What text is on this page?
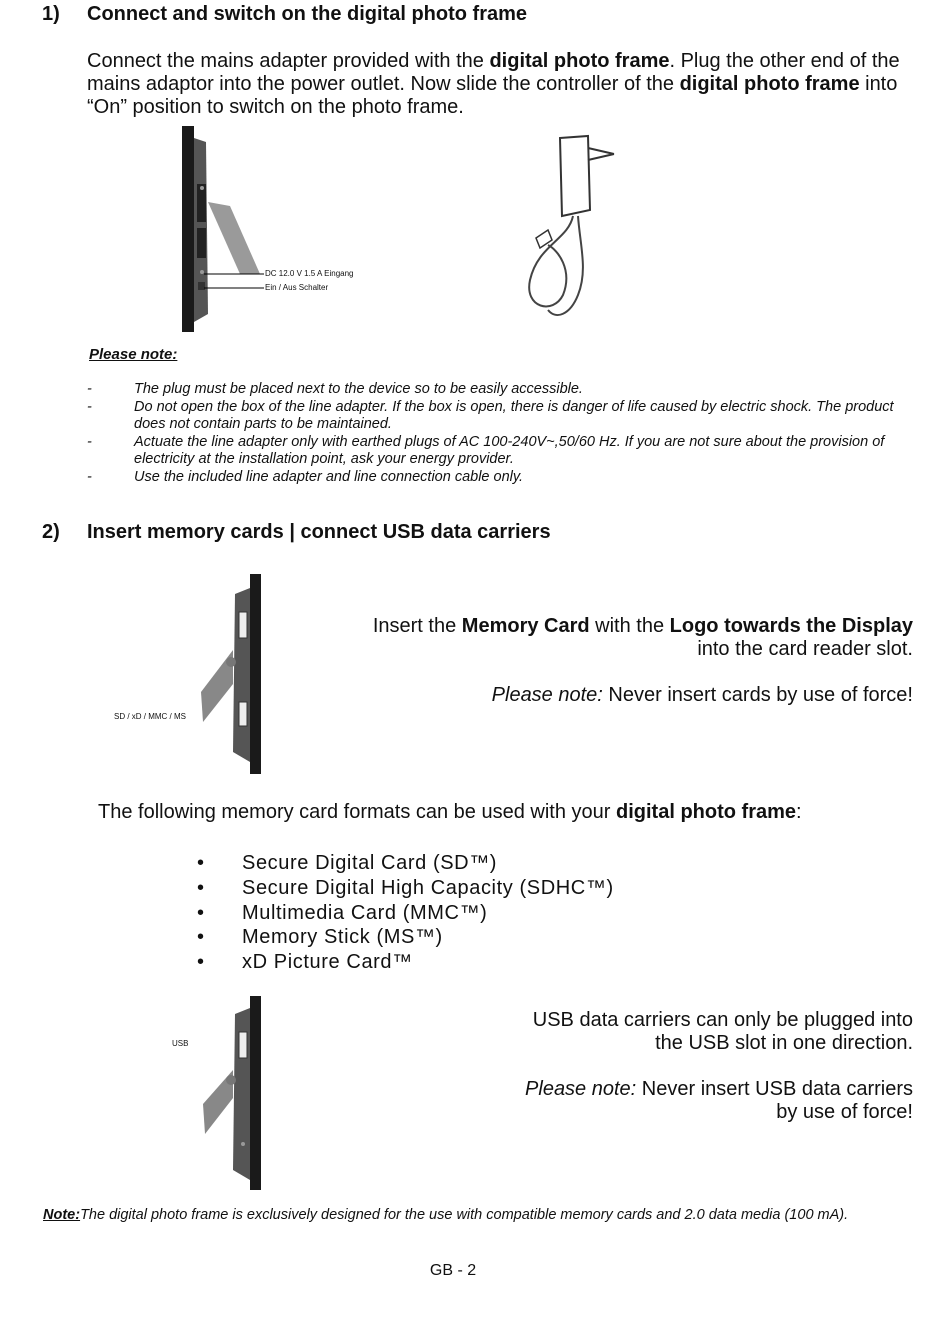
1) Connect and switch on the digital photo frame
Connect the mains adapter provided with the digital photo frame. Plug the other end of the mains adaptor into the power outlet. Now slide the controller of the digital photo frame into “On” position to switch on the photo frame.
DC 12.0 V 1.5 A Eingang
Ein / Aus Schalter
Please note:
-	The plug must be placed next to the device so to be easily accessible.
-	Do not open the box of the line adapter. If the box is open, there is danger of life caused by electric shock. The product does not contain parts to be maintained.
-	Actuate the line adapter only with earthed plugs of AC 100-240V~,50/60 Hz. If you are not sure about the provision of electricity at the installation point, ask your energy provider.
-	Use the included line adapter and line connection cable only.
2) Insert memory cards | connect USB data carriers
SD / xD / MMC / MS
Insert the Memory Card with the Logo towards the Display
into the card reader slot.
Please note: Never insert cards by use of force!
The following memory card formats can be used with your digital photo frame:
• Secure Digital Card (SD™)
• Secure Digital High Capacity (SDHC™)
• Multimedia Card (MMC™)
• Memory Stick (MS™)
• xD Picture Card™
USB
USB data carriers can only be plugged into
the USB slot in one direction.
Please note: Never insert USB data carriers
by use of force!
Note:The digital photo frame is exclusively designed for the use with compatible memory cards and 2.0 data media (100 mA).
GB - 2
